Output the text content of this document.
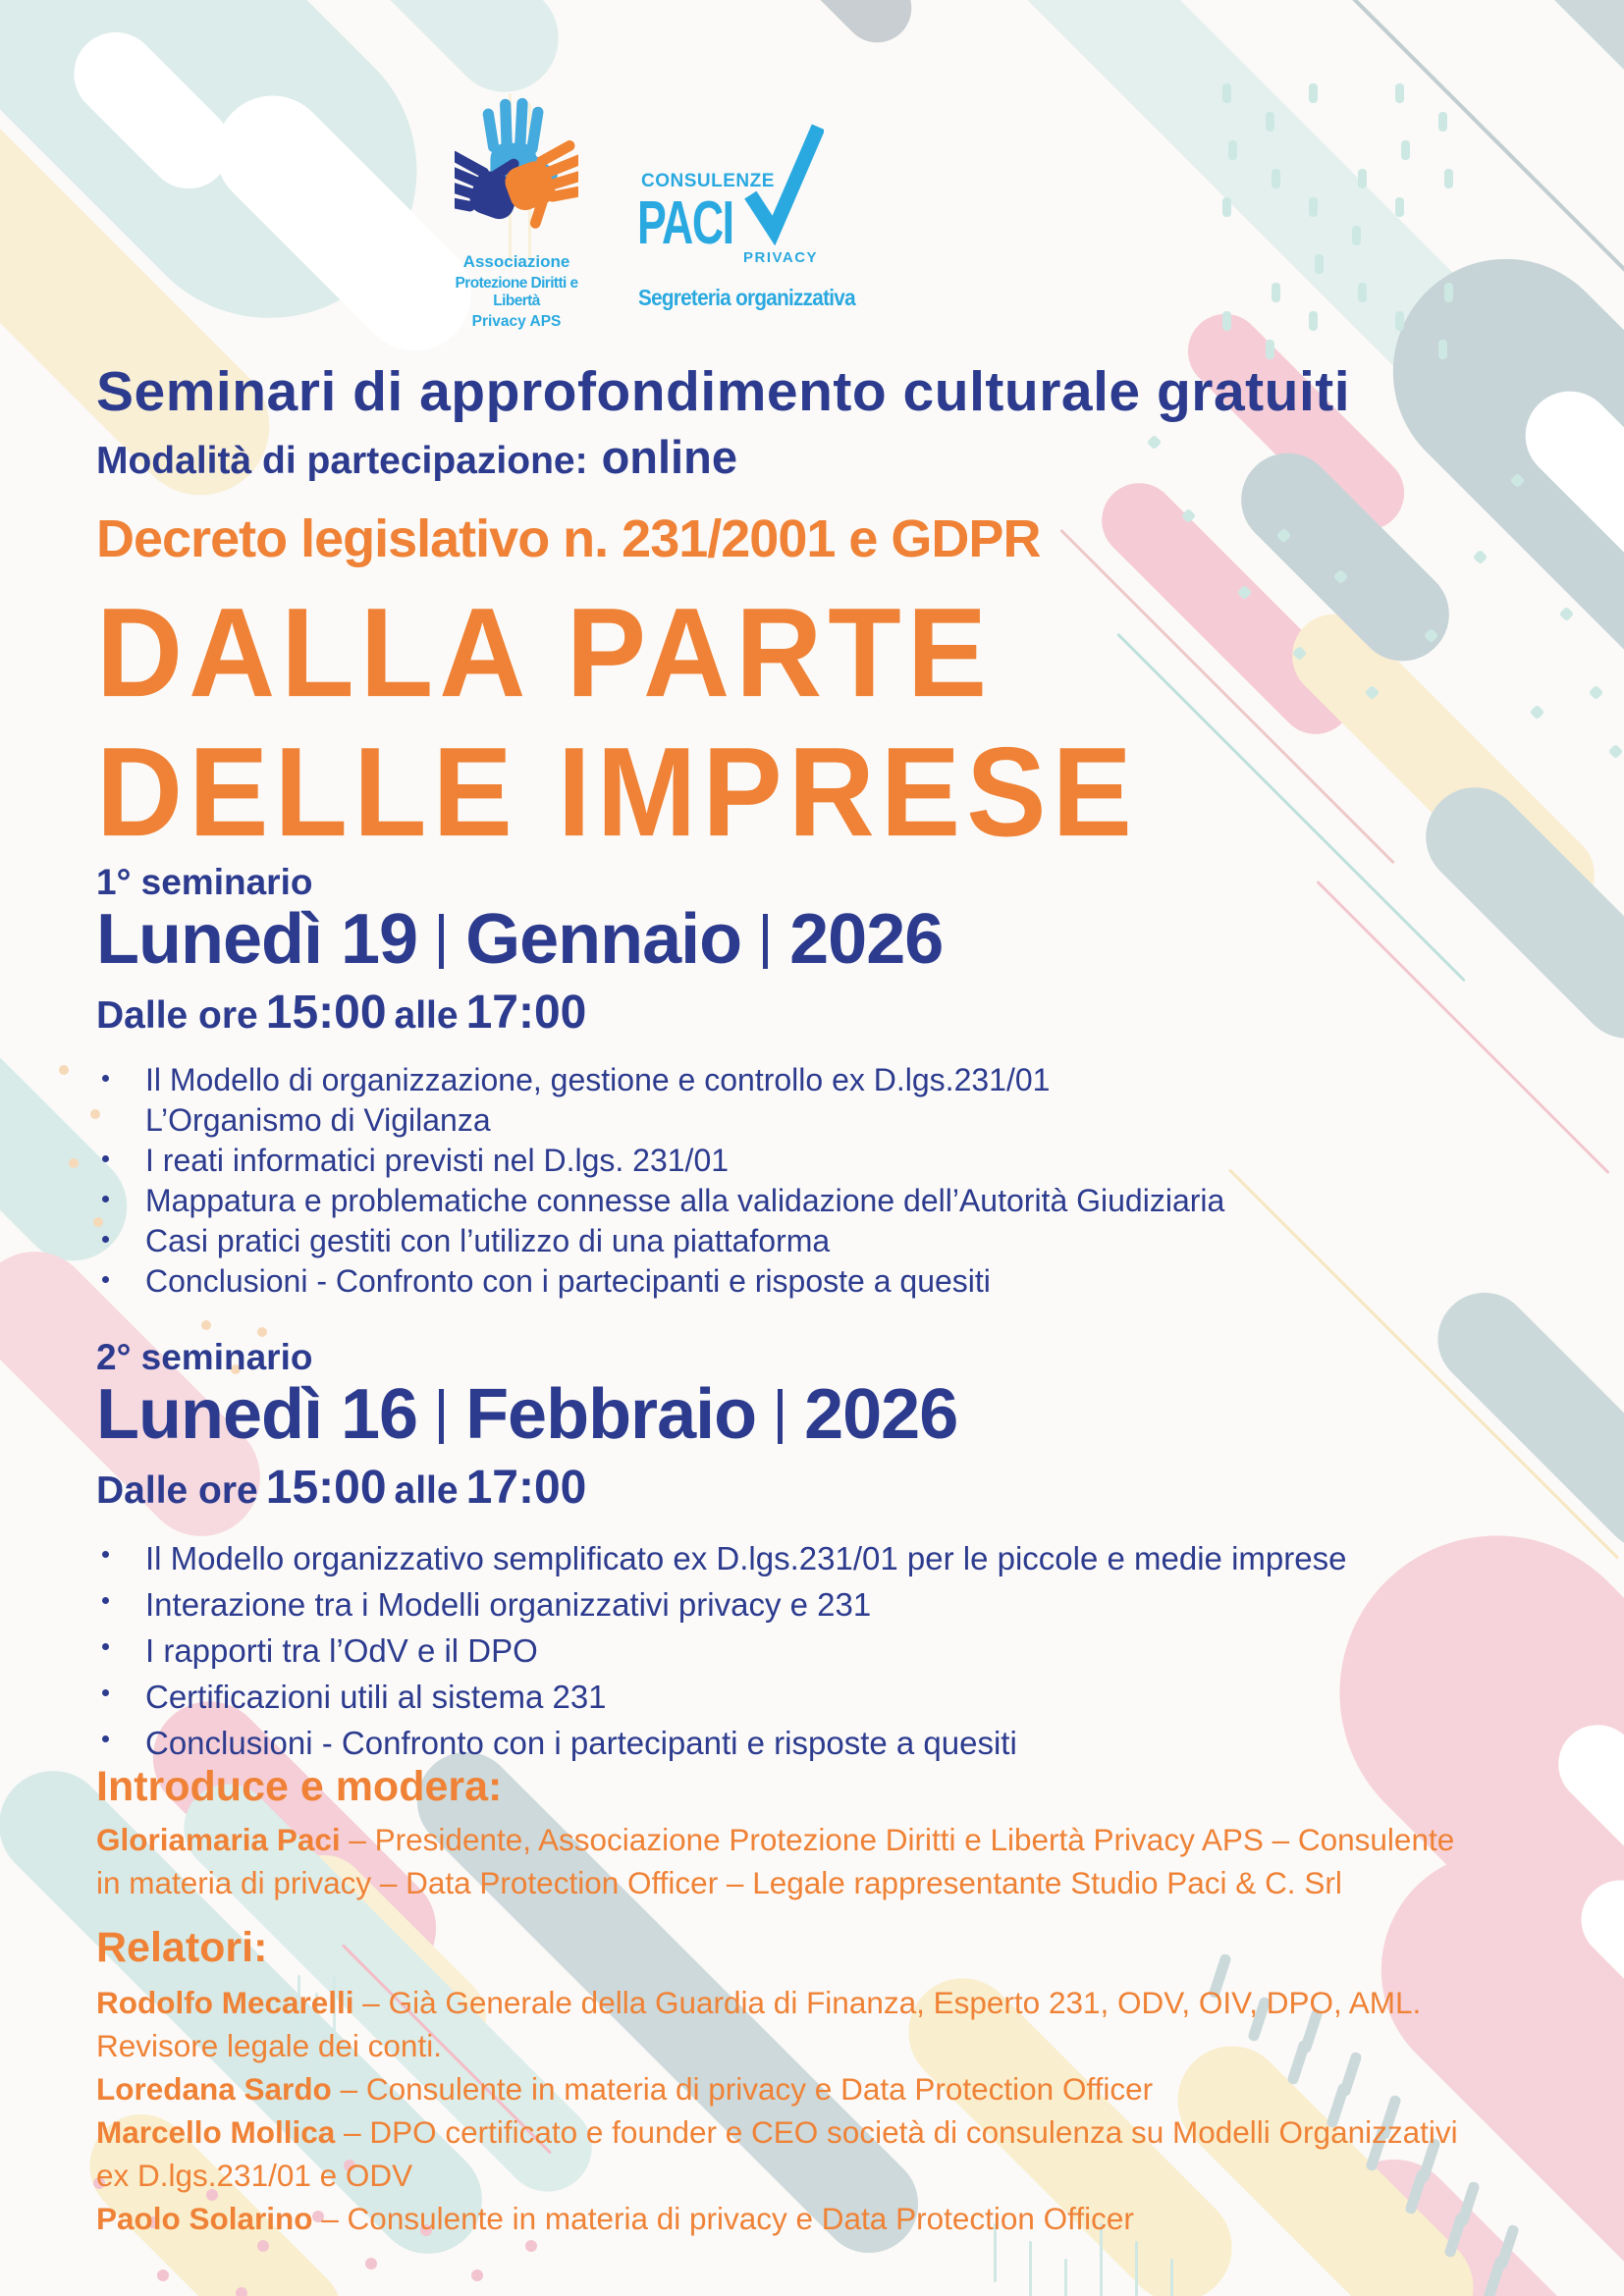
Associazione
Protezione Diritti e Libertà
Privacy APS
CONSULENZE
PACI
PRIVACY
Segreteria organizzativa
Seminari di approfondimento culturale gratuiti
Modalità di partecipazione: online
Decreto legislativo n. 231/2001 e GDPR
DALLA PARTE
DELLE IMPRESE
1° seminario
Lunedì 19 Gennaio 2026
Dalle ore 15:00 alle 17:00
Il Modello di organizzazione, gestione e controllo ex D.lgs.231/01
L’Organismo di Vigilanza
I reati informatici previsti nel D.lgs. 231/01
Mappatura e problematiche connesse alla validazione dell’Autorità Giudiziaria
Casi pratici gestiti con l’utilizzo di una piattaforma
Conclusioni - Confronto con i partecipanti e risposte a quesiti
2° seminario
Lunedì 16 Febbraio 2026
Dalle ore 15:00 alle 17:00
Il Modello organizzativo semplificato ex D.lgs.231/01 per le piccole e medie imprese
Interazione tra i Modelli organizzativi privacy e 231
I rapporti tra l’OdV e il DPO
Certificazioni utili al sistema 231
Conclusioni - Confronto con i partecipanti e risposte a quesiti
Introduce e modera:

Gloriamaria Paci – Presidente, Associazione Protezione Diritti e Libertà Privacy APS – Consulente
in materia di privacy – Data Protection Officer – Legale rappresentante Studio Paci & C. Srl

Relatori:

Rodolfo Mecarelli – Già Generale della Guardia di Finanza, Esperto 231, ODV, OIV, DPO, AML.
Revisore legale dei conti.

Loredana Sardo – Consulente in materia di privacy e Data Protection Officer

Marcello Mollica – DPO certificato e founder e CEO società di consulenza su Modelli Organizzativi
ex D.lgs.231/01 e ODV

Paolo Solarino – Consulente in materia di privacy e Data Protection Officer
